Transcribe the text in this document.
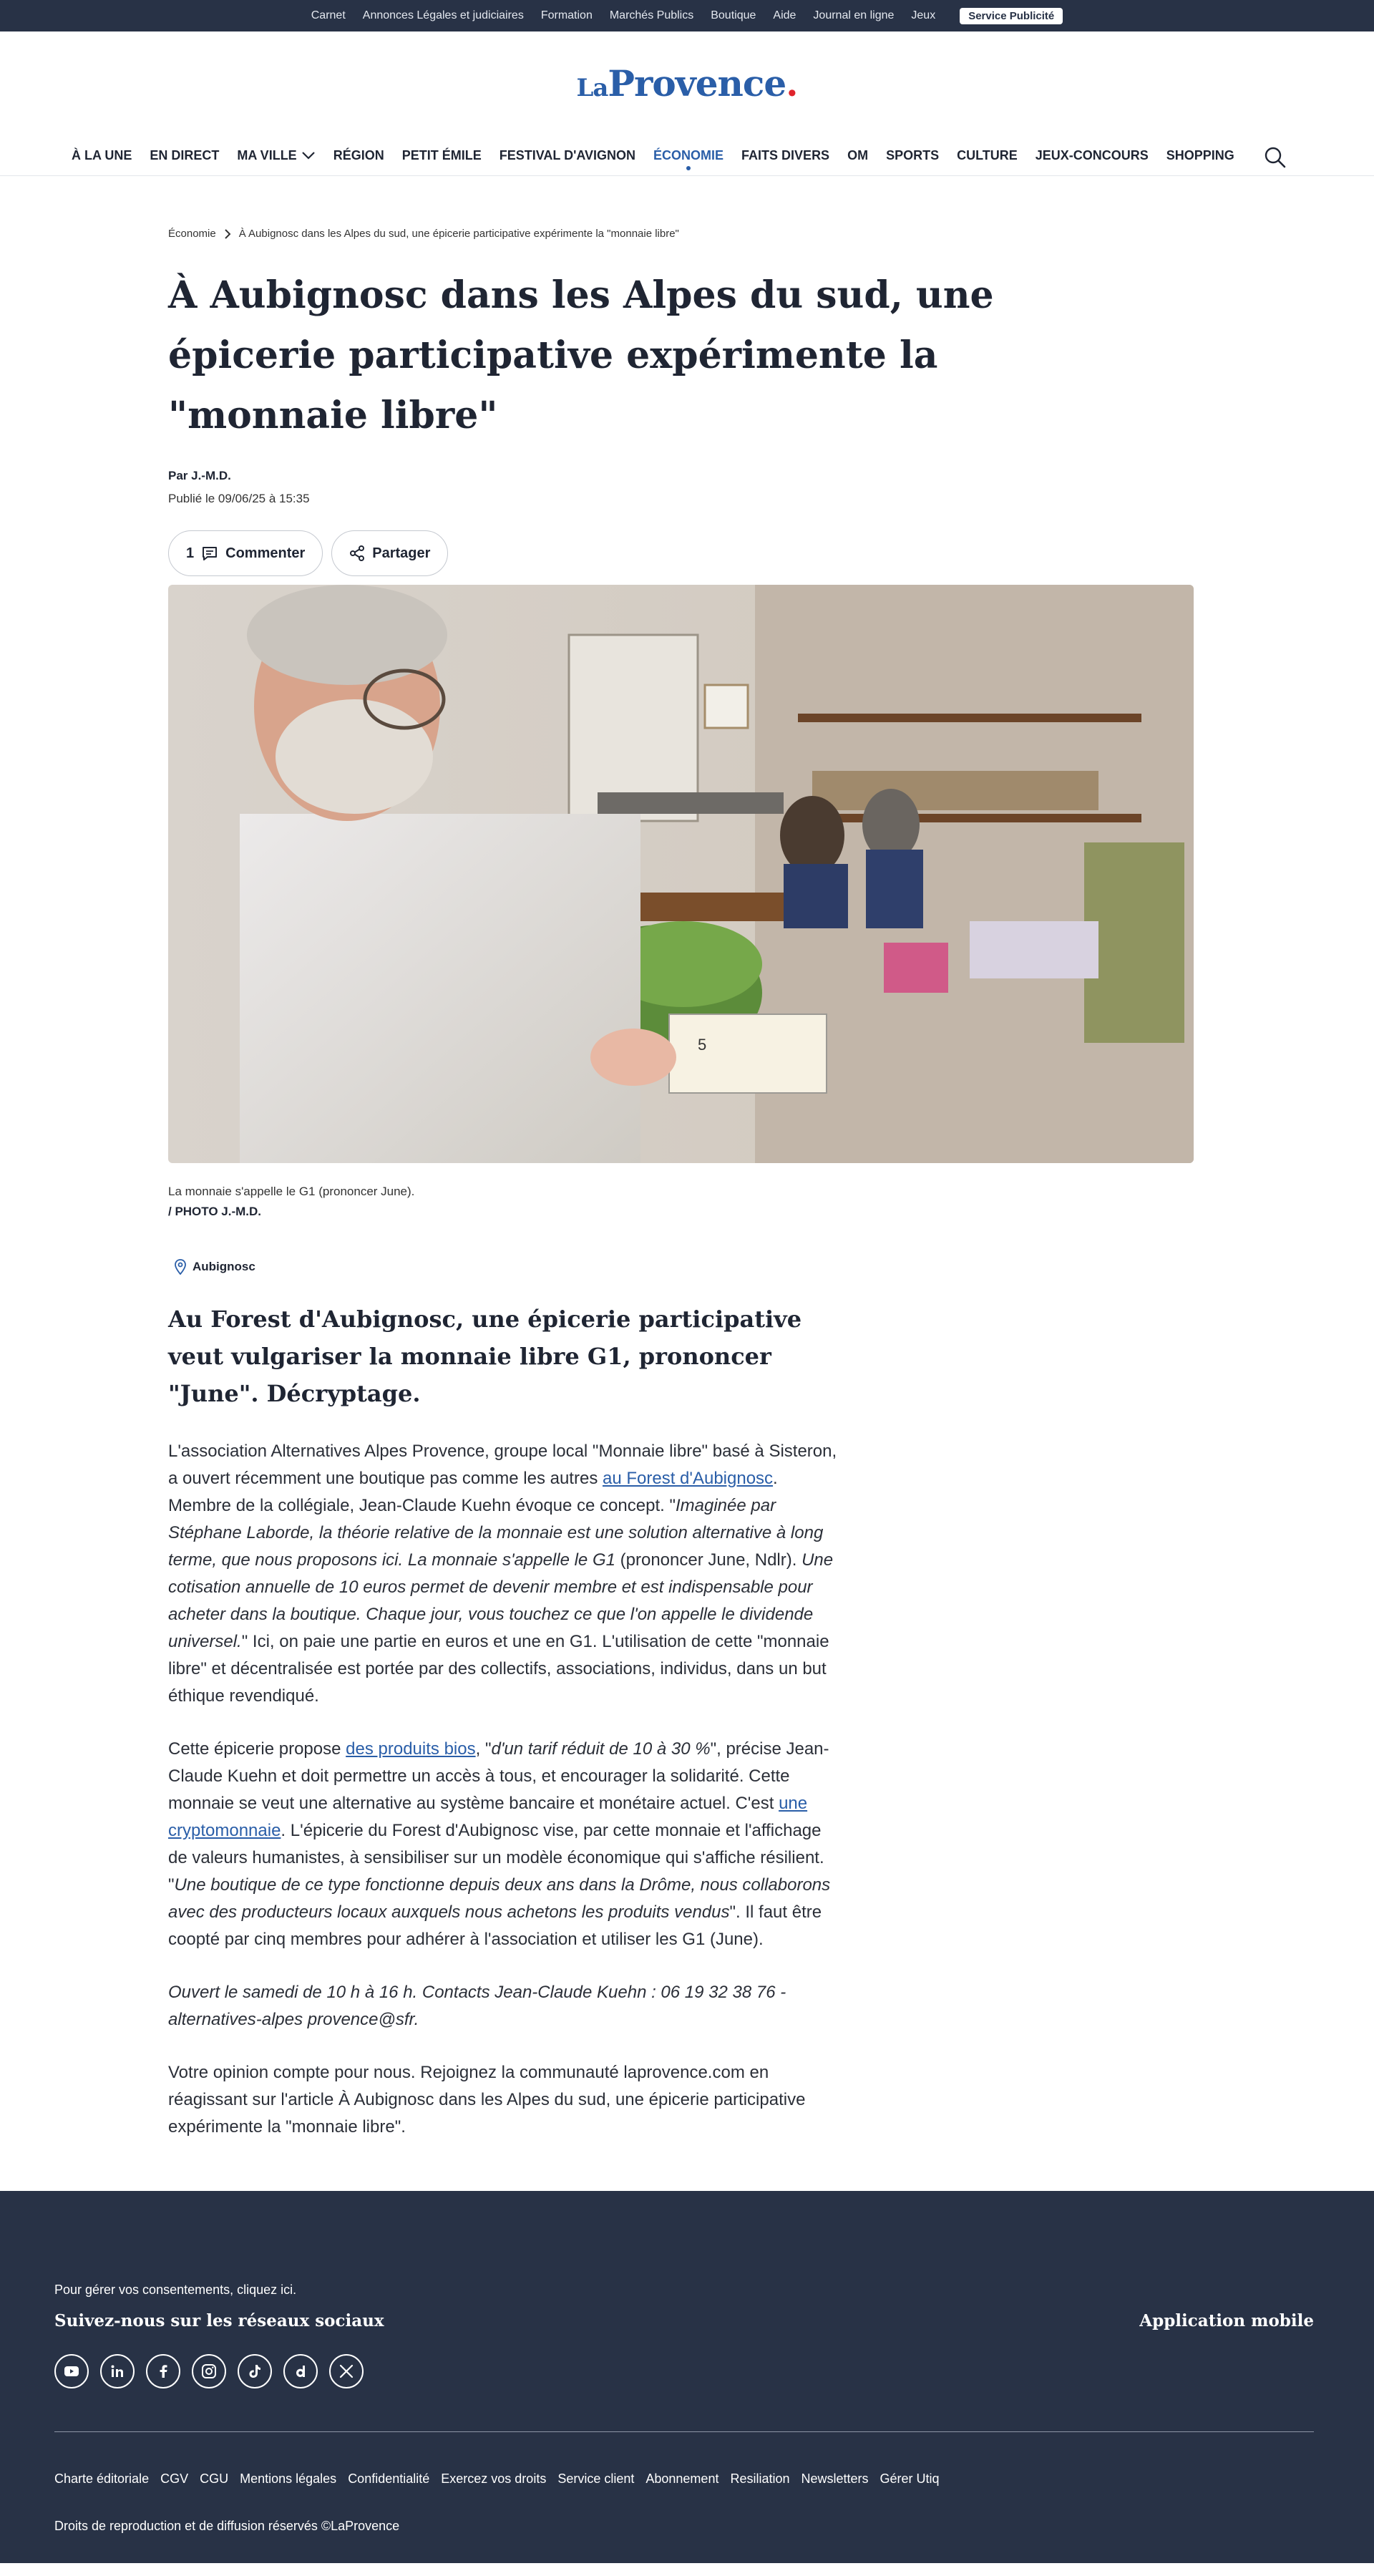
Carnet Annonces Légales et judiciaires Formation Marchés Publics Boutique Aide Journal en ligne Jeux	Service Publicité
LaProvence.
À LA UNE EN DIRECT MA VILLE	RÉGION PETIT ÉMILE FESTIVAL D'AVIGNON ÉCONOMIE FAITS DIVERS OM SPORTS CULTURE JEUX-CONCOURS SHOPPING
Économie À Aubignosc dans les Alpes du sud, une épicerie participative expérimente la "monnaie libre"
À Aubignosc dans les Alpes du sud, une épicerie participative expérimente la "monnaie libre"
Par J.-M.D.
Publié le 09/06/25 à 15:35
1 Commenter	Partager
5
La monnaie s'appelle le G1 (prononcer June).
/ PHOTO J.-M.D.
Aubignosc
Au Forest d'Aubignosc, une épicerie participative veut vulgariser la monnaie libre G1, prononcer "June". Décryptage.

L'association Alternatives Alpes Provence, groupe local "Monnaie libre" basé à Sisteron, a ouvert récemment une boutique pas comme les autres au Forest d'Aubignosc. Membre de la collégiale, Jean-Claude Kuehn évoque ce concept. "Imaginée par Stéphane Laborde, la théorie relative de la monnaie est une solution alternative à long terme, que nous proposons ici. La monnaie s'appelle le G1 (prononcer June, Ndlr). Une cotisation annuelle de 10 euros permet de devenir membre et est indispensable pour acheter dans la boutique. Chaque jour, vous touchez ce que l'on appelle le dividende universel." Ici, on paie une partie en euros et une en G1. L'utilisation de cette "monnaie libre" et décentralisée est portée par des collectifs, associations, individus, dans un but éthique revendiqué.

Cette épicerie propose des produits bios, "d'un tarif réduit de 10 à 30 %", précise Jean-Claude Kuehn et doit permettre un accès à tous, et encourager la solidarité. Cette monnaie se veut une alternative au système bancaire et monétaire actuel. C'est une cryptomonnaie. L'épicerie du Forest d'Aubignosc vise, par cette monnaie et l'affichage de valeurs humanistes, à sensibiliser sur un modèle économique qui s'affiche résilient. "Une boutique de ce type fonctionne depuis deux ans dans la Drôme, nous collaborons avec des producteurs locaux auxquels nous achetons les produits vendus". Il faut être coopté par cinq membres pour adhérer à l'association et utiliser les G1 (June).

Ouvert le samedi de 10 h à 16 h. Contacts Jean-Claude Kuehn : 06 19 32 38 76 - alternatives-alpes provence@sfr.

Votre opinion compte pour nous. Rejoignez la communauté laprovence.com en réagissant sur l'article À Aubignosc dans les Alpes du sud, une épicerie participative expérimente la "monnaie libre".

Pour gérer vos consentements, cliquez ici.
Suivez-nous sur les réseaux sociaux	Application mobile
Charte éditoriale CGV CGU Mentions légales Confidentialité Exercez vos droits Service client Abonnement Resiliation Newsletters Gérer Utiq
Droits de reproduction et de diffusion réservés ©LaProvence
